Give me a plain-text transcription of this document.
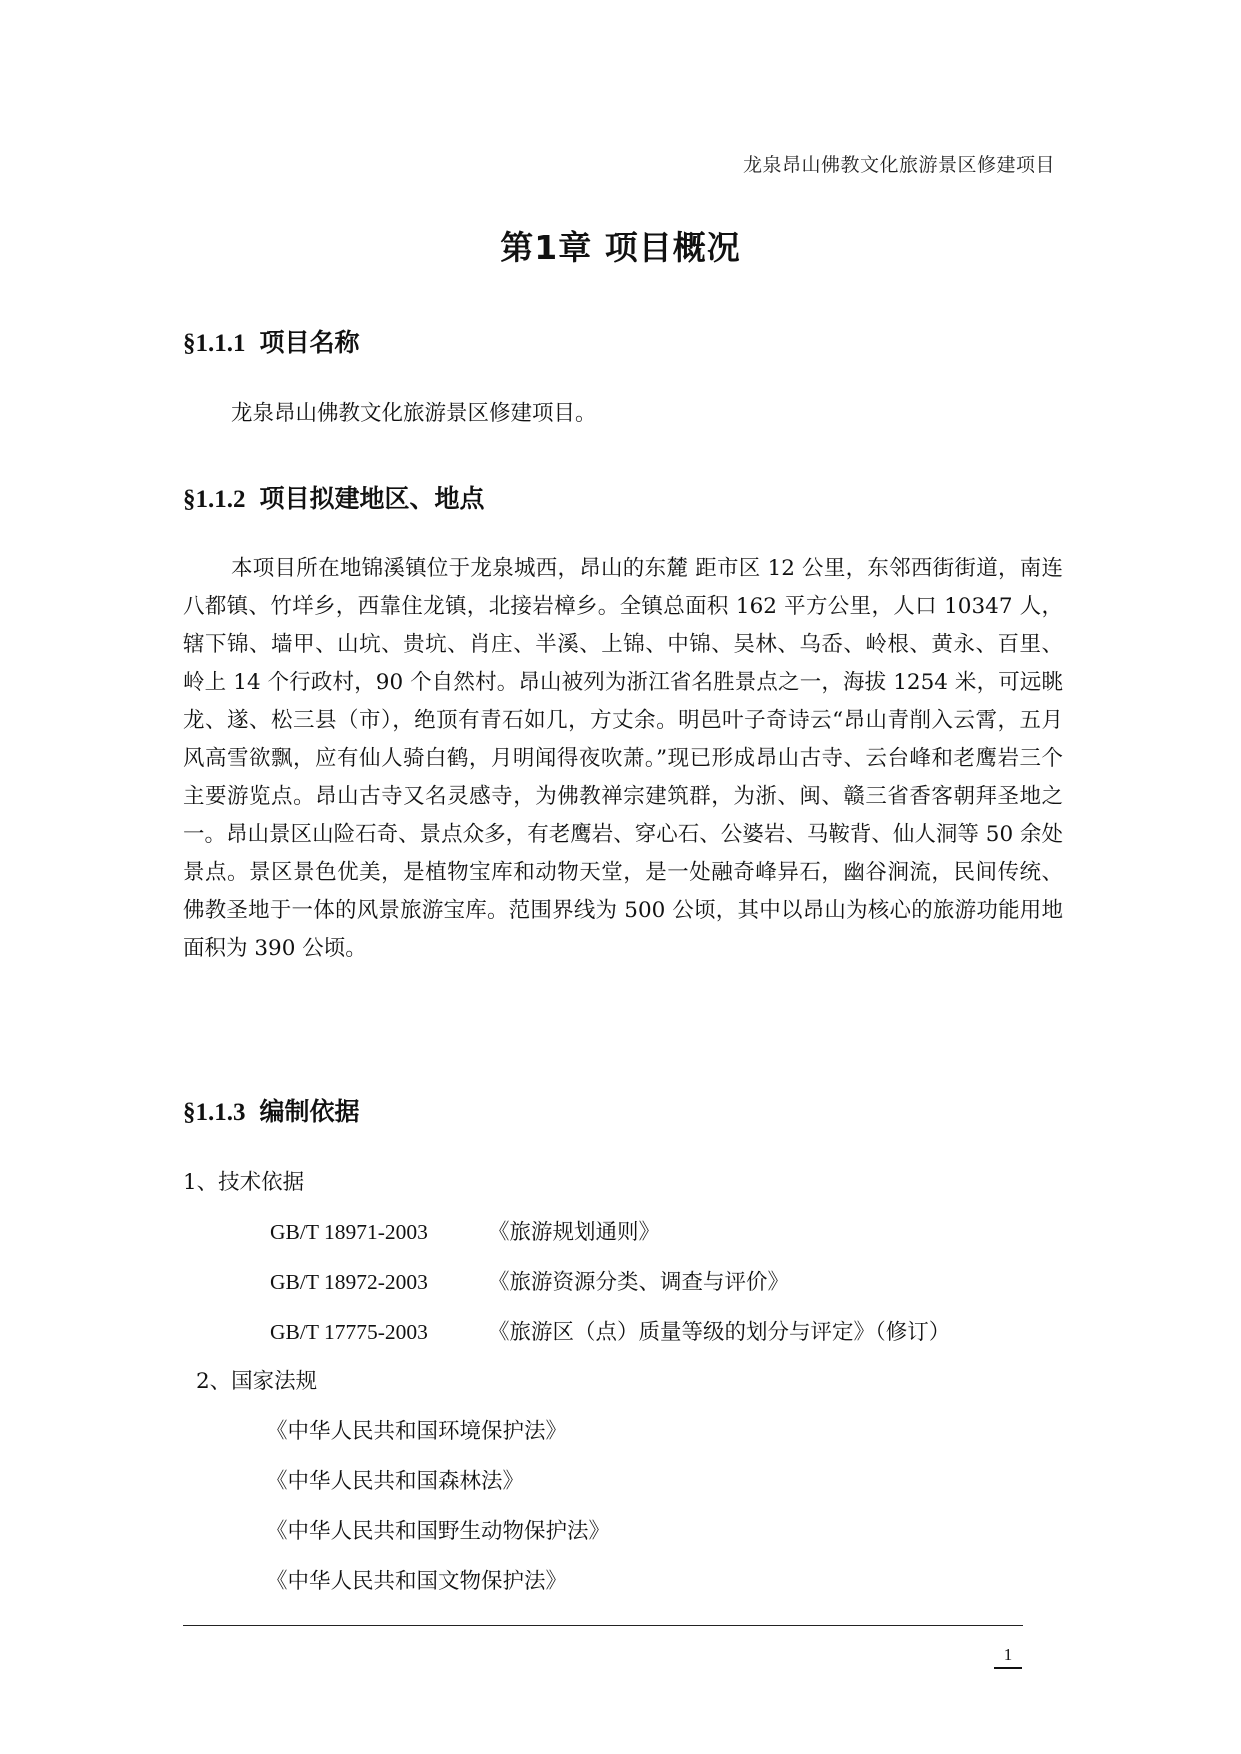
龙泉昂山佛教文化旅游景区修建项目
第1章 项目概况
§1.1.1 项目名称
龙泉昂山佛教文化旅游景区修建项目。
§1.1.2 项目拟建地区、地点
本项目所在地锦溪镇位于龙泉城西，昂山的东麓 距市区 12 公里，东邻西街街道，南连八都镇、竹垟乡，西靠住龙镇，北接岩樟乡。全镇总面积 162 平方公里，人口 10347 人，辖下锦、墙甲、山坑、贵坑、肖庄、半溪、上锦、中锦、吴林、乌岙、岭根、黄永、百里、岭上 14 个行政村，90 个自然村。昂山被列为浙江省名胜景点之一，海拔 1254 米，可远眺龙、遂、松三县（市），绝顶有青石如几，方丈余。明邑叶子奇诗云“昂山青削入云霄，五月风高雪欲飘，应有仙人骑白鹤，月明闻得夜吹萧。”现已形成昂山古寺、云台峰和老鹰岩三个主要游览点。昂山古寺又名灵感寺，为佛教禅宗建筑群，为浙、闽、赣三省香客朝拜圣地之一。昂山景区山险石奇、景点众多，有老鹰岩、穿心石、公婆岩、马鞍背、仙人洞等 50 余处景点。景区景色优美，是植物宝库和动物天堂，是一处融奇峰异石，幽谷涧流，民间传统、佛教圣地于一体的风景旅游宝库。范围界线为 500 公顷，其中以昂山为核心的旅游功能用地面积为 390 公顷。
§1.1.3 编制依据
1、技术依据
GB/T 18971-2003	《旅游规划通则》
GB/T 18972-2003	《旅游资源分类、调查与评价》
GB/T 17775-2003	《旅游区（点）质量等级的划分与评定》（修订）
2、国家法规
《中华人民共和国环境保护法》
《中华人民共和国森林法》
《中华人民共和国野生动物保护法》
《中华人民共和国文物保护法》
1
